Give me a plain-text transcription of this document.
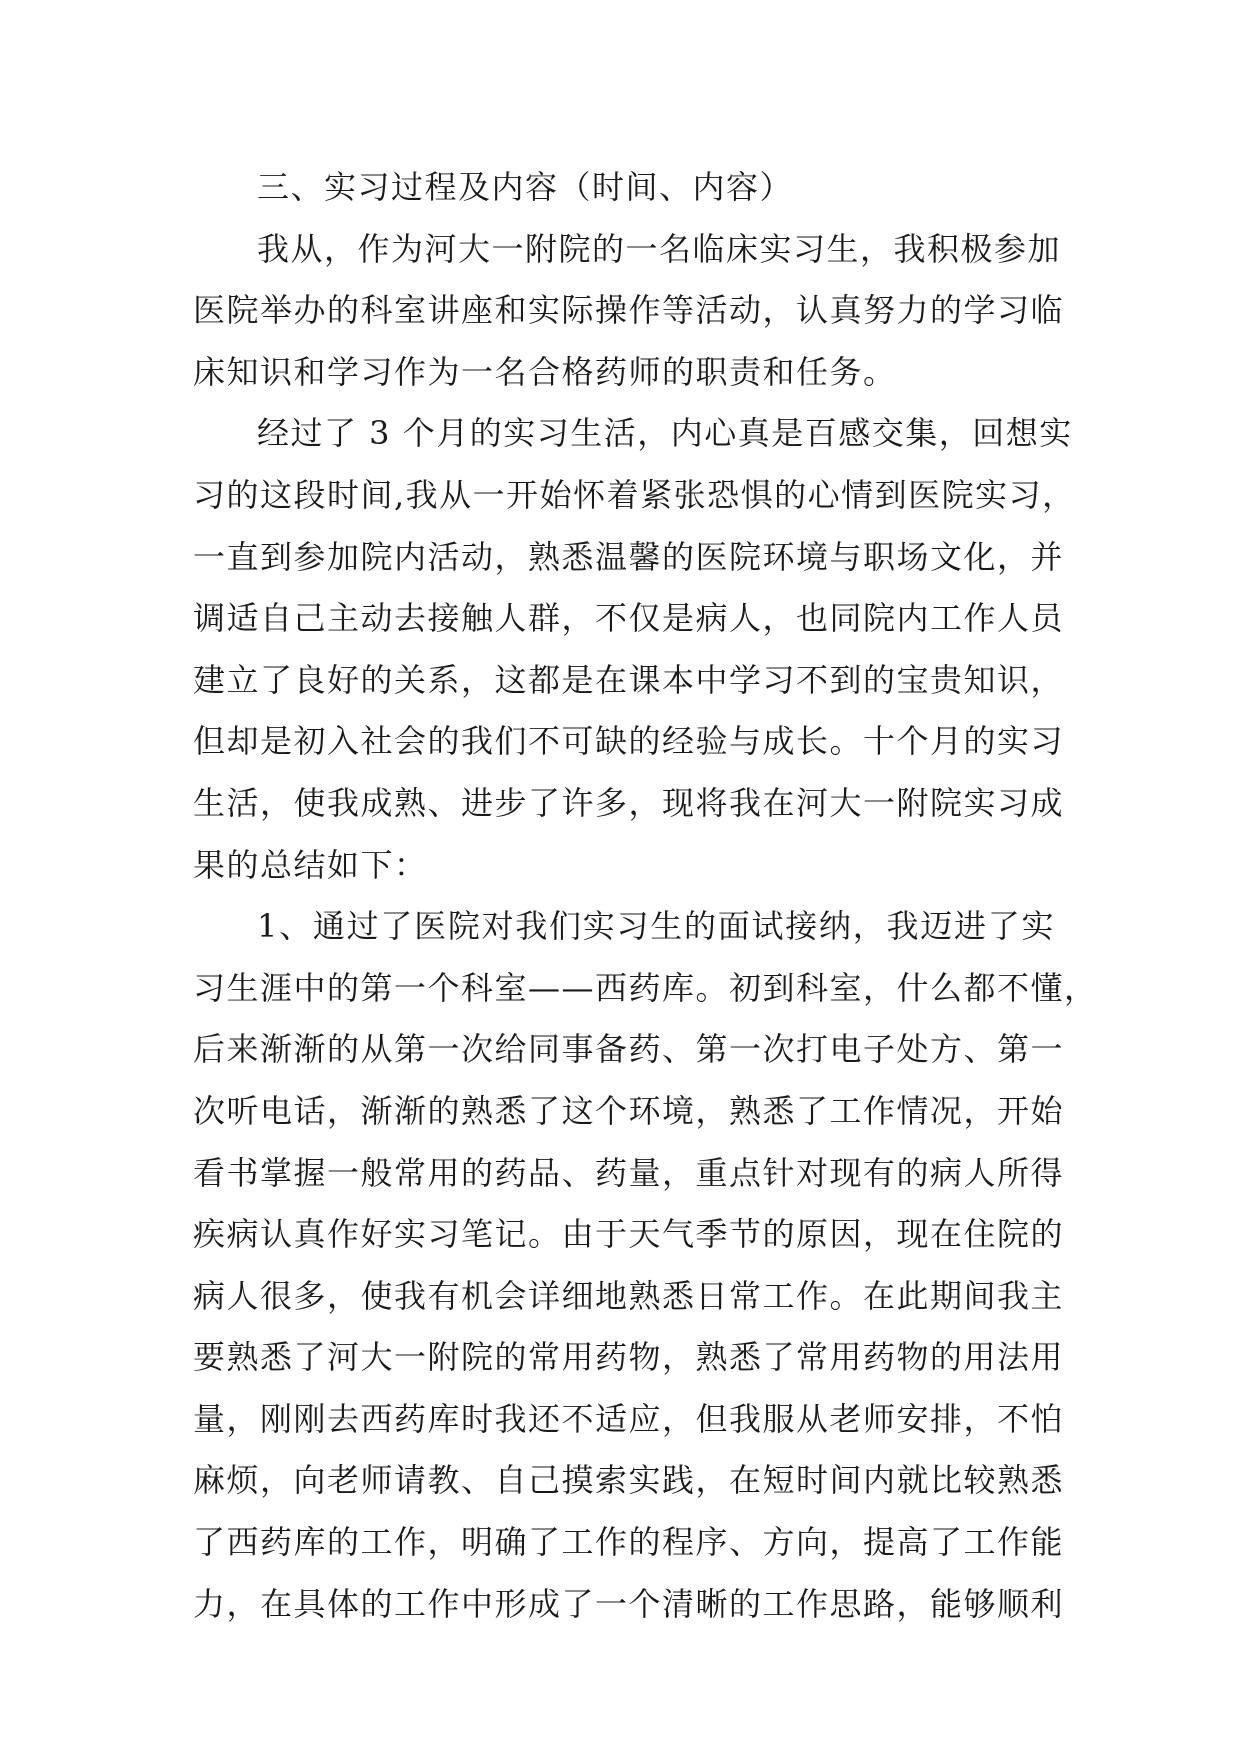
三、实习过程及内容（时间、内容）
我从，作为河大一附院的一名临床实习生，我积极参加
医院举办的科室讲座和实际操作等活动，认真努力的学习临
床知识和学习作为一名合格药师的职责和任务。
经过了 3 个月的实习生活，内心真是百感交集，回想实
习的这段时间,我从一开始怀着紧张恐惧的心情到医院实习，
一直到参加院内活动，熟悉温馨的医院环境与职场文化，并
调适自己主动去接触人群，不仅是病人，也同院内工作人员
建立了良好的关系，这都是在课本中学习不到的宝贵知识，
但却是初入社会的我们不可缺的经验与成长。十个月的实习
生活，使我成熟、进步了许多，现将我在河大一附院实习成
果的总结如下：
1、通过了医院对我们实习生的面试接纳，我迈进了实
习生涯中的第一个科室——西药库。初到科室，什么都不懂，
后来渐渐的从第一次给同事备药、第一次打电子处方、第一
次听电话，渐渐的熟悉了这个环境，熟悉了工作情况，开始
看书掌握一般常用的药品、药量，重点针对现有的病人所得
疾病认真作好实习笔记。由于天气季节的原因，现在住院的
病人很多，使我有机会详细地熟悉日常工作。在此期间我主
要熟悉了河大一附院的常用药物，熟悉了常用药物的用法用
量，刚刚去西药库时我还不适应，但我服从老师安排，不怕
麻烦，向老师请教、自己摸索实践，在短时间内就比较熟悉
了西药库的工作，明确了工作的程序、方向，提高了工作能
力，在具体的工作中形成了一个清晰的工作思路，能够顺利
